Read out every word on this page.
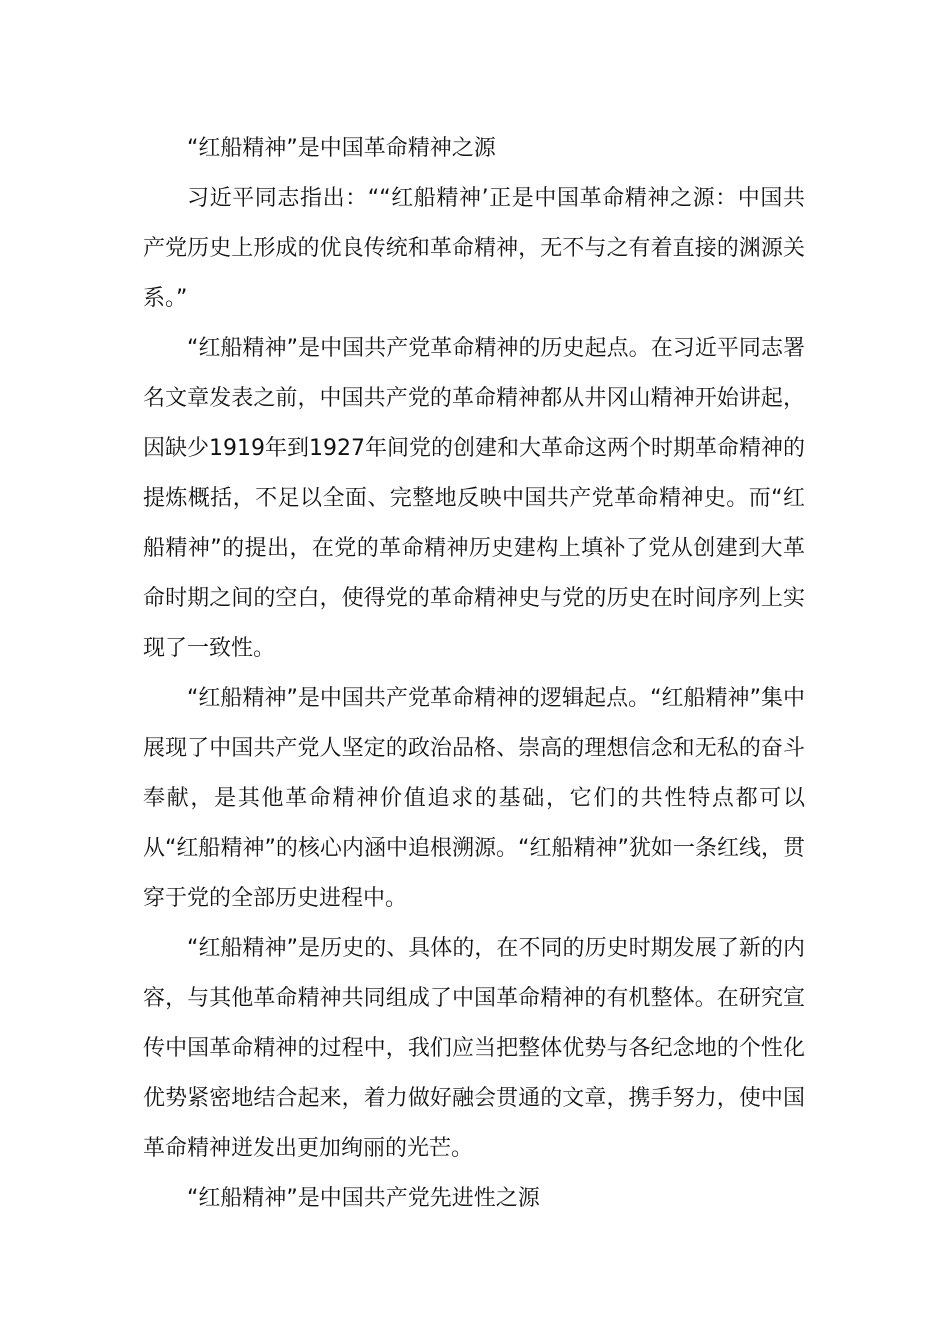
“红船精神”是中国革命精神之源

习近平同志指出：““红船精神’正是中国革命精神之源：中国共产党历史上形成的优良传统和革命精神，无不与之有着直接的渊源关系。”

“红船精神”是中国共产党革命精神的历史起点。在习近平同志署名文章发表之前，中国共产党的革命精神都从井冈山精神开始讲起，因缺少1919年到1927年间党的创建和大革命这两个时期革命精神的提炼概括，不足以全面、完整地反映中国共产党革命精神史。而“红船精神”的提出，在党的革命精神历史建构上填补了党从创建到大革命时期之间的空白，使得党的革命精神史与党的历史在时间序列上实现了一致性。

“红船精神”是中国共产党革命精神的逻辑起点。“红船精神”集中展现了中国共产党人坚定的政治品格、崇高的理想信念和无私的奋斗奉献，是其他革命精神价值追求的基础，它们的共性特点都可以从“红船精神”的核心内涵中追根溯源。“红船精神”犹如一条红线，贯穿于党的全部历史进程中。

“红船精神”是历史的、具体的，在不同的历史时期发展了新的内容，与其他革命精神共同组成了中国革命精神的有机整体。在研究宣传中国革命精神的过程中，我们应当把整体优势与各纪念地的个性化优势紧密地结合起来，着力做好融会贯通的文章，携手努力，使中国革命精神迸发出更加绚丽的光芒。

“红船精神”是中国共产党先进性之源
